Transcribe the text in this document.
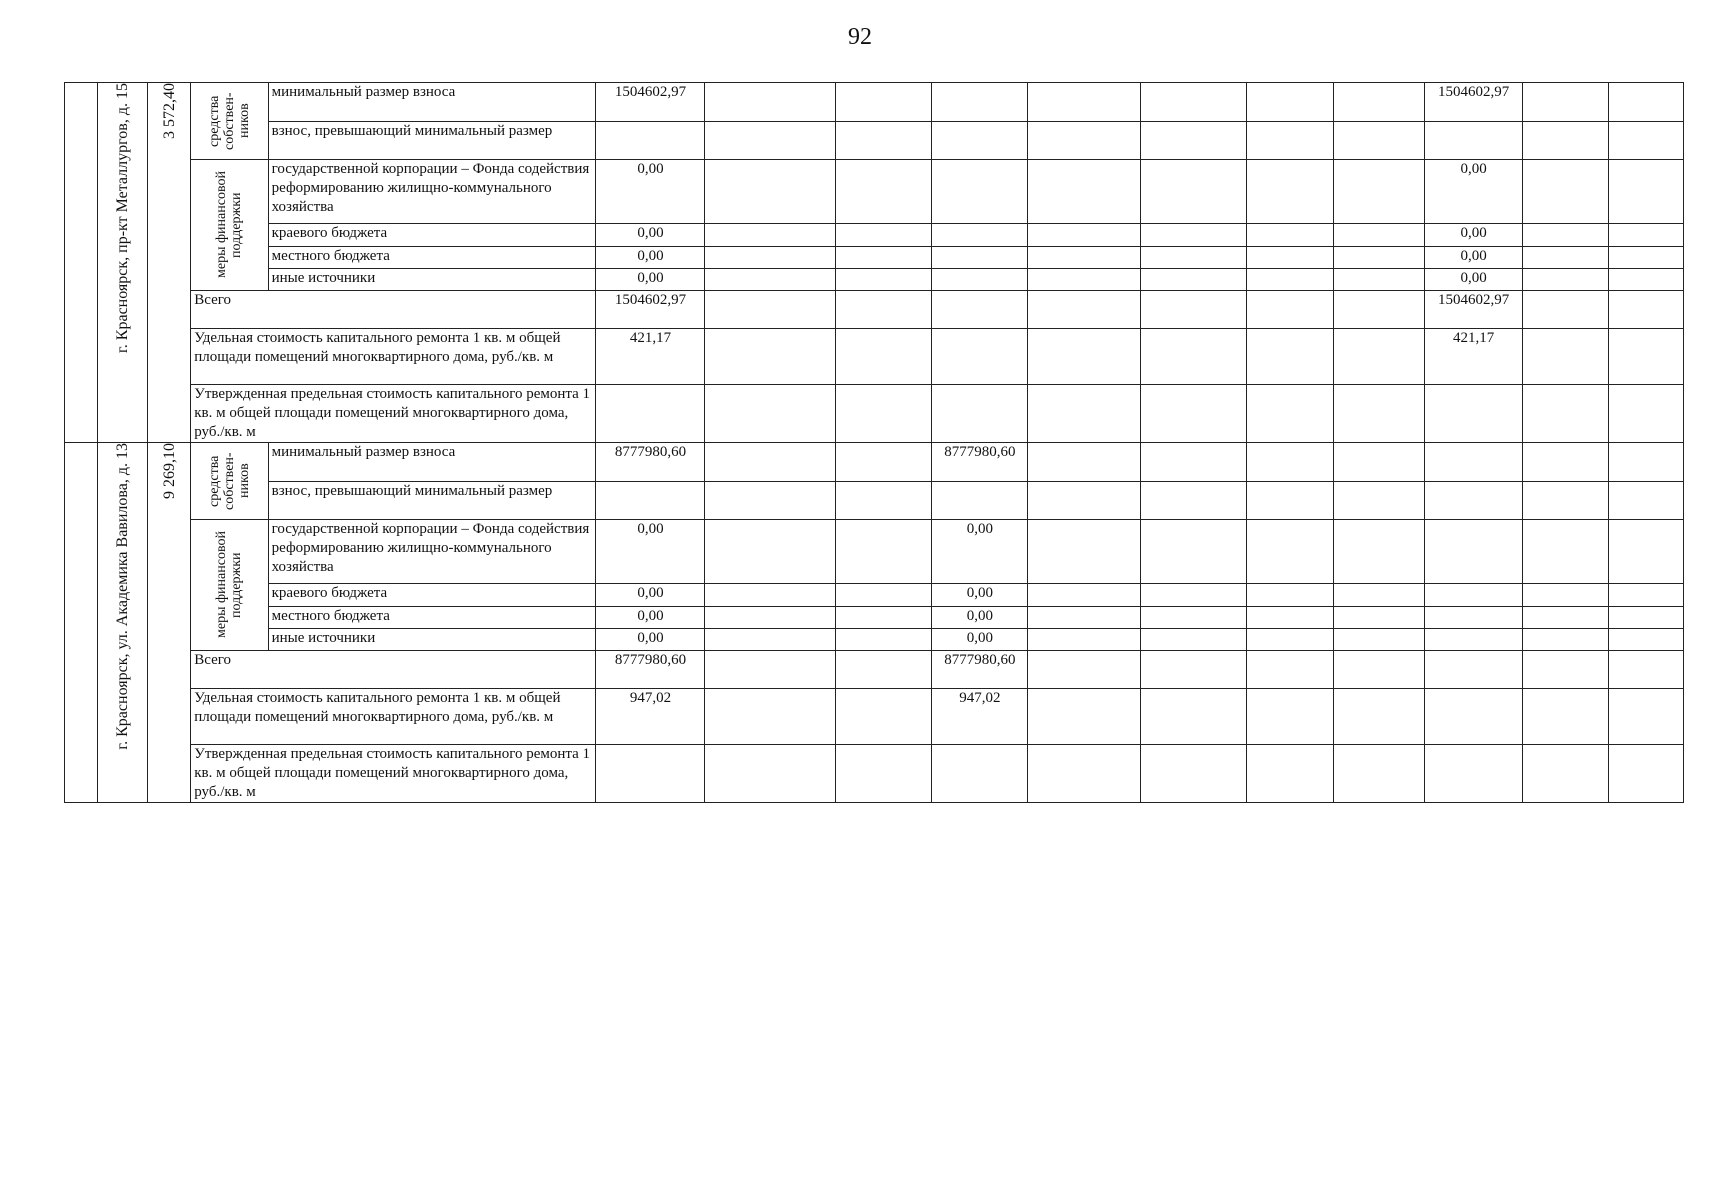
92

	г. Красноярск, пр-кт Металлургов, д. 15	3 572,40	средства собствен-ников	минимальный размер взноса	1504602,97								1504602,97		
				взнос, превышающий минимальный размер											

			меры финансовой поддержки	государственной корпорации – Фонда содействия реформированию жилищно-коммунального хозяйства	0,00								0,00		
				краевого бюджета	0,00								0,00		
				местного бюджета	0,00								0,00		
				иные источники	0,00								0,00		
			Всего		1504602,97								1504602,97		
			Удельная стоимость капитального ремонта 1 кв. м общей площади помещений многоквартирного дома, руб./кв. м		421,17								421,17		
			Утвержденная предельная стоимость капитального ремонта 1 кв. м общей площади помещений многоквартирного дома, руб./кв. м												

	г. Красноярск, ул. Академика Вавилова, д. 13	9 269,10	средства собствен-ников	минимальный размер взноса	8777980,60			8777980,60							
				взнос, превышающий минимальный размер											

			меры финансовой поддержки	государственной корпорации – Фонда содействия реформированию жилищно-коммунального хозяйства	0,00			0,00							
				краевого бюджета	0,00			0,00							
				местного бюджета	0,00			0,00							
				иные источники	0,00			0,00							
			Всего		8777980,60			8777980,60							
			Удельная стоимость капитального ремонта 1 кв. м общей площади помещений многоквартирного дома, руб./кв. м		947,02			947,02							
			Утвержденная предельная стоимость капитального ремонта 1 кв. м общей площади помещений многоквартирного дома, руб./кв. м												
